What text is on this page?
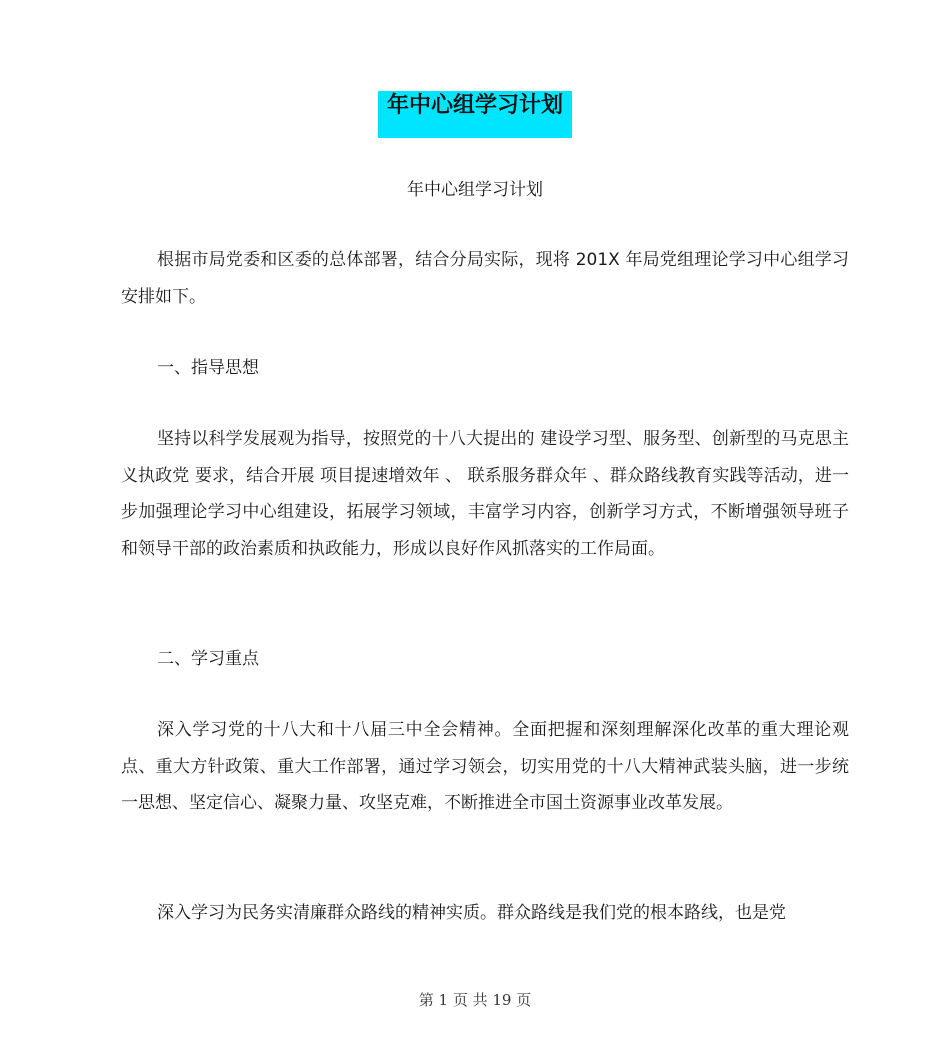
年中心组学习计划
年中心组学习计划

根据市局党委和区委的总体部署，结合分局实际，现将 201X 年局党组理论学习中心组学习安排如下。

一、指导思想

坚持以科学发展观为指导，按照党的十八大提出的 建设学习型、服务型、创新型的马克思主义执政党 要求，结合开展 项目提速增效年 、 联系服务群众年 、群众路线教育实践等活动，进一步加强理论学习中心组建设，拓展学习领域，丰富学习内容，创新学习方式，不断增强领导班子和领导干部的政治素质和执政能力，形成以良好作风抓落实的工作局面。

二、学习重点

深入学习党的十八大和十八届三中全会精神。全面把握和深刻理解深化改革的重大理论观点、重大方针政策、重大工作部署，通过学习领会，切实用党的十八大精神武装头脑，进一步统一思想、坚定信心、凝聚力量、攻坚克难，不断推进全市国土资源事业改革发展。

深入学习为民务实清廉群众路线的精神实质。群众路线是我们党的根本路线，也是党

第 1 页 共 19 页
